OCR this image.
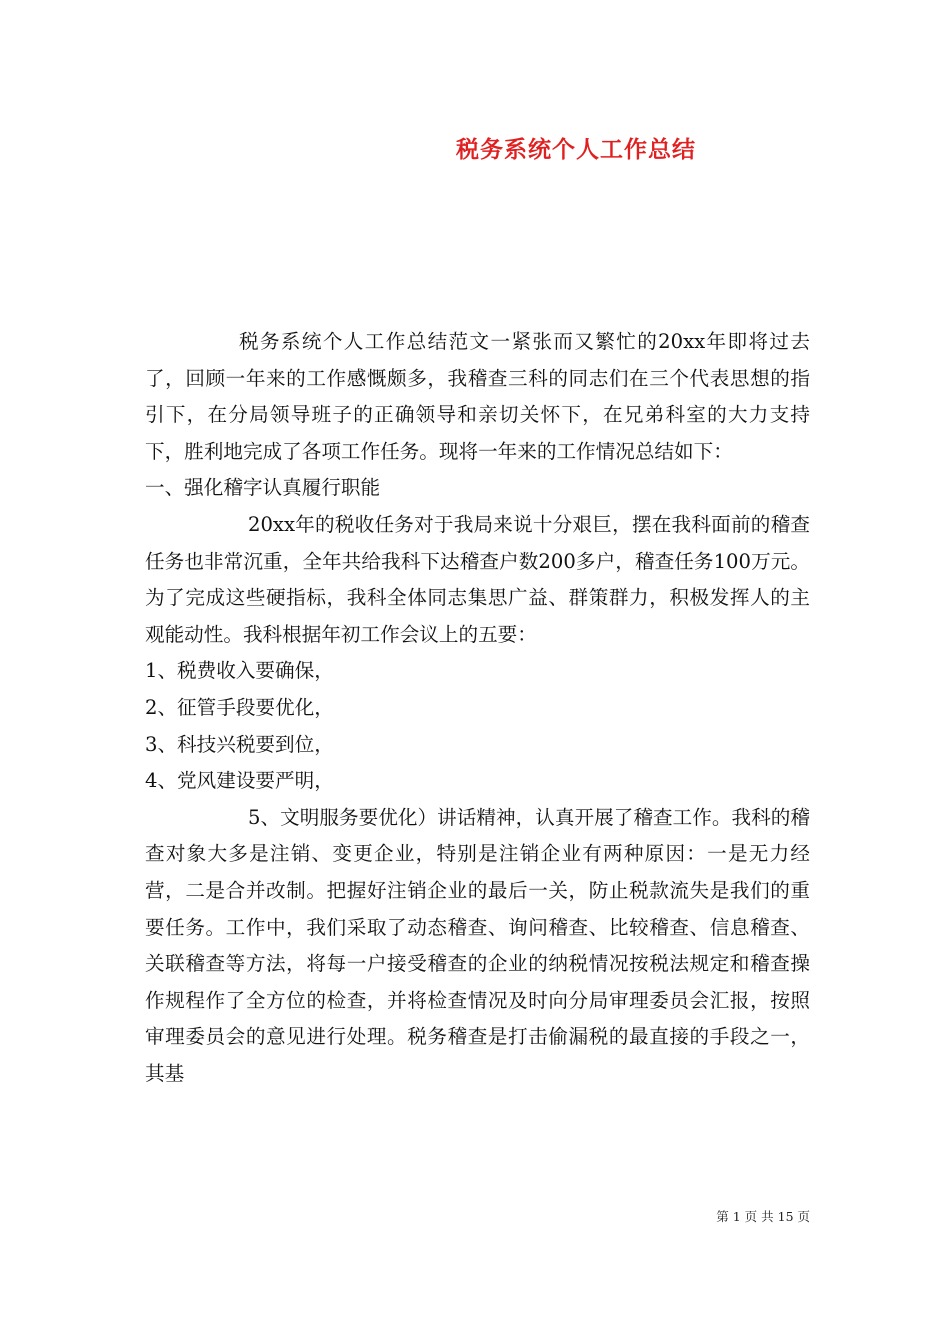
税务系统个人工作总结

税务系统个人工作总结范文一紧张而又繁忙的20xx年即将过去了，回顾一年来的工作感慨颇多，我稽查三科的同志们在三个代表思想的指引下，在分局领导班子的正确领导和亲切关怀下，在兄弟科室的大力支持下，胜利地完成了各项工作任务。现将一年来的工作情况总结如下：

一、强化稽字认真履行职能

20xx年的税收任务对于我局来说十分艰巨，摆在我科面前的稽查任务也非常沉重，全年共给我科下达稽查户数200多户，稽查任务100万元。为了完成这些硬指标，我科全体同志集思广益、群策群力，积极发挥人的主观能动性。我科根据年初工作会议上的五要：

1、税费收入要确保，

2、征管手段要优化，

3、科技兴税要到位，

4、党风建设要严明，

5、文明服务要优化）讲话精神，认真开展了稽查工作。我科的稽查对象大多是注销、变更企业，特别是注销企业有两种原因：一是无力经营，二是合并改制。把握好注销企业的最后一关，防止税款流失是我们的重要任务。工作中，我们采取了动态稽查、询问稽查、比较稽查、信息稽查、关联稽查等方法，将每一户接受稽查的企业的纳税情况按税法规定和稽查操作规程作了全方位的检查，并将检查情况及时向分局审理委员会汇报，按照审理委员会的意见进行处理。税务稽查是打击偷漏税的最直接的手段之一，其基

第 1 页 共 15 页
